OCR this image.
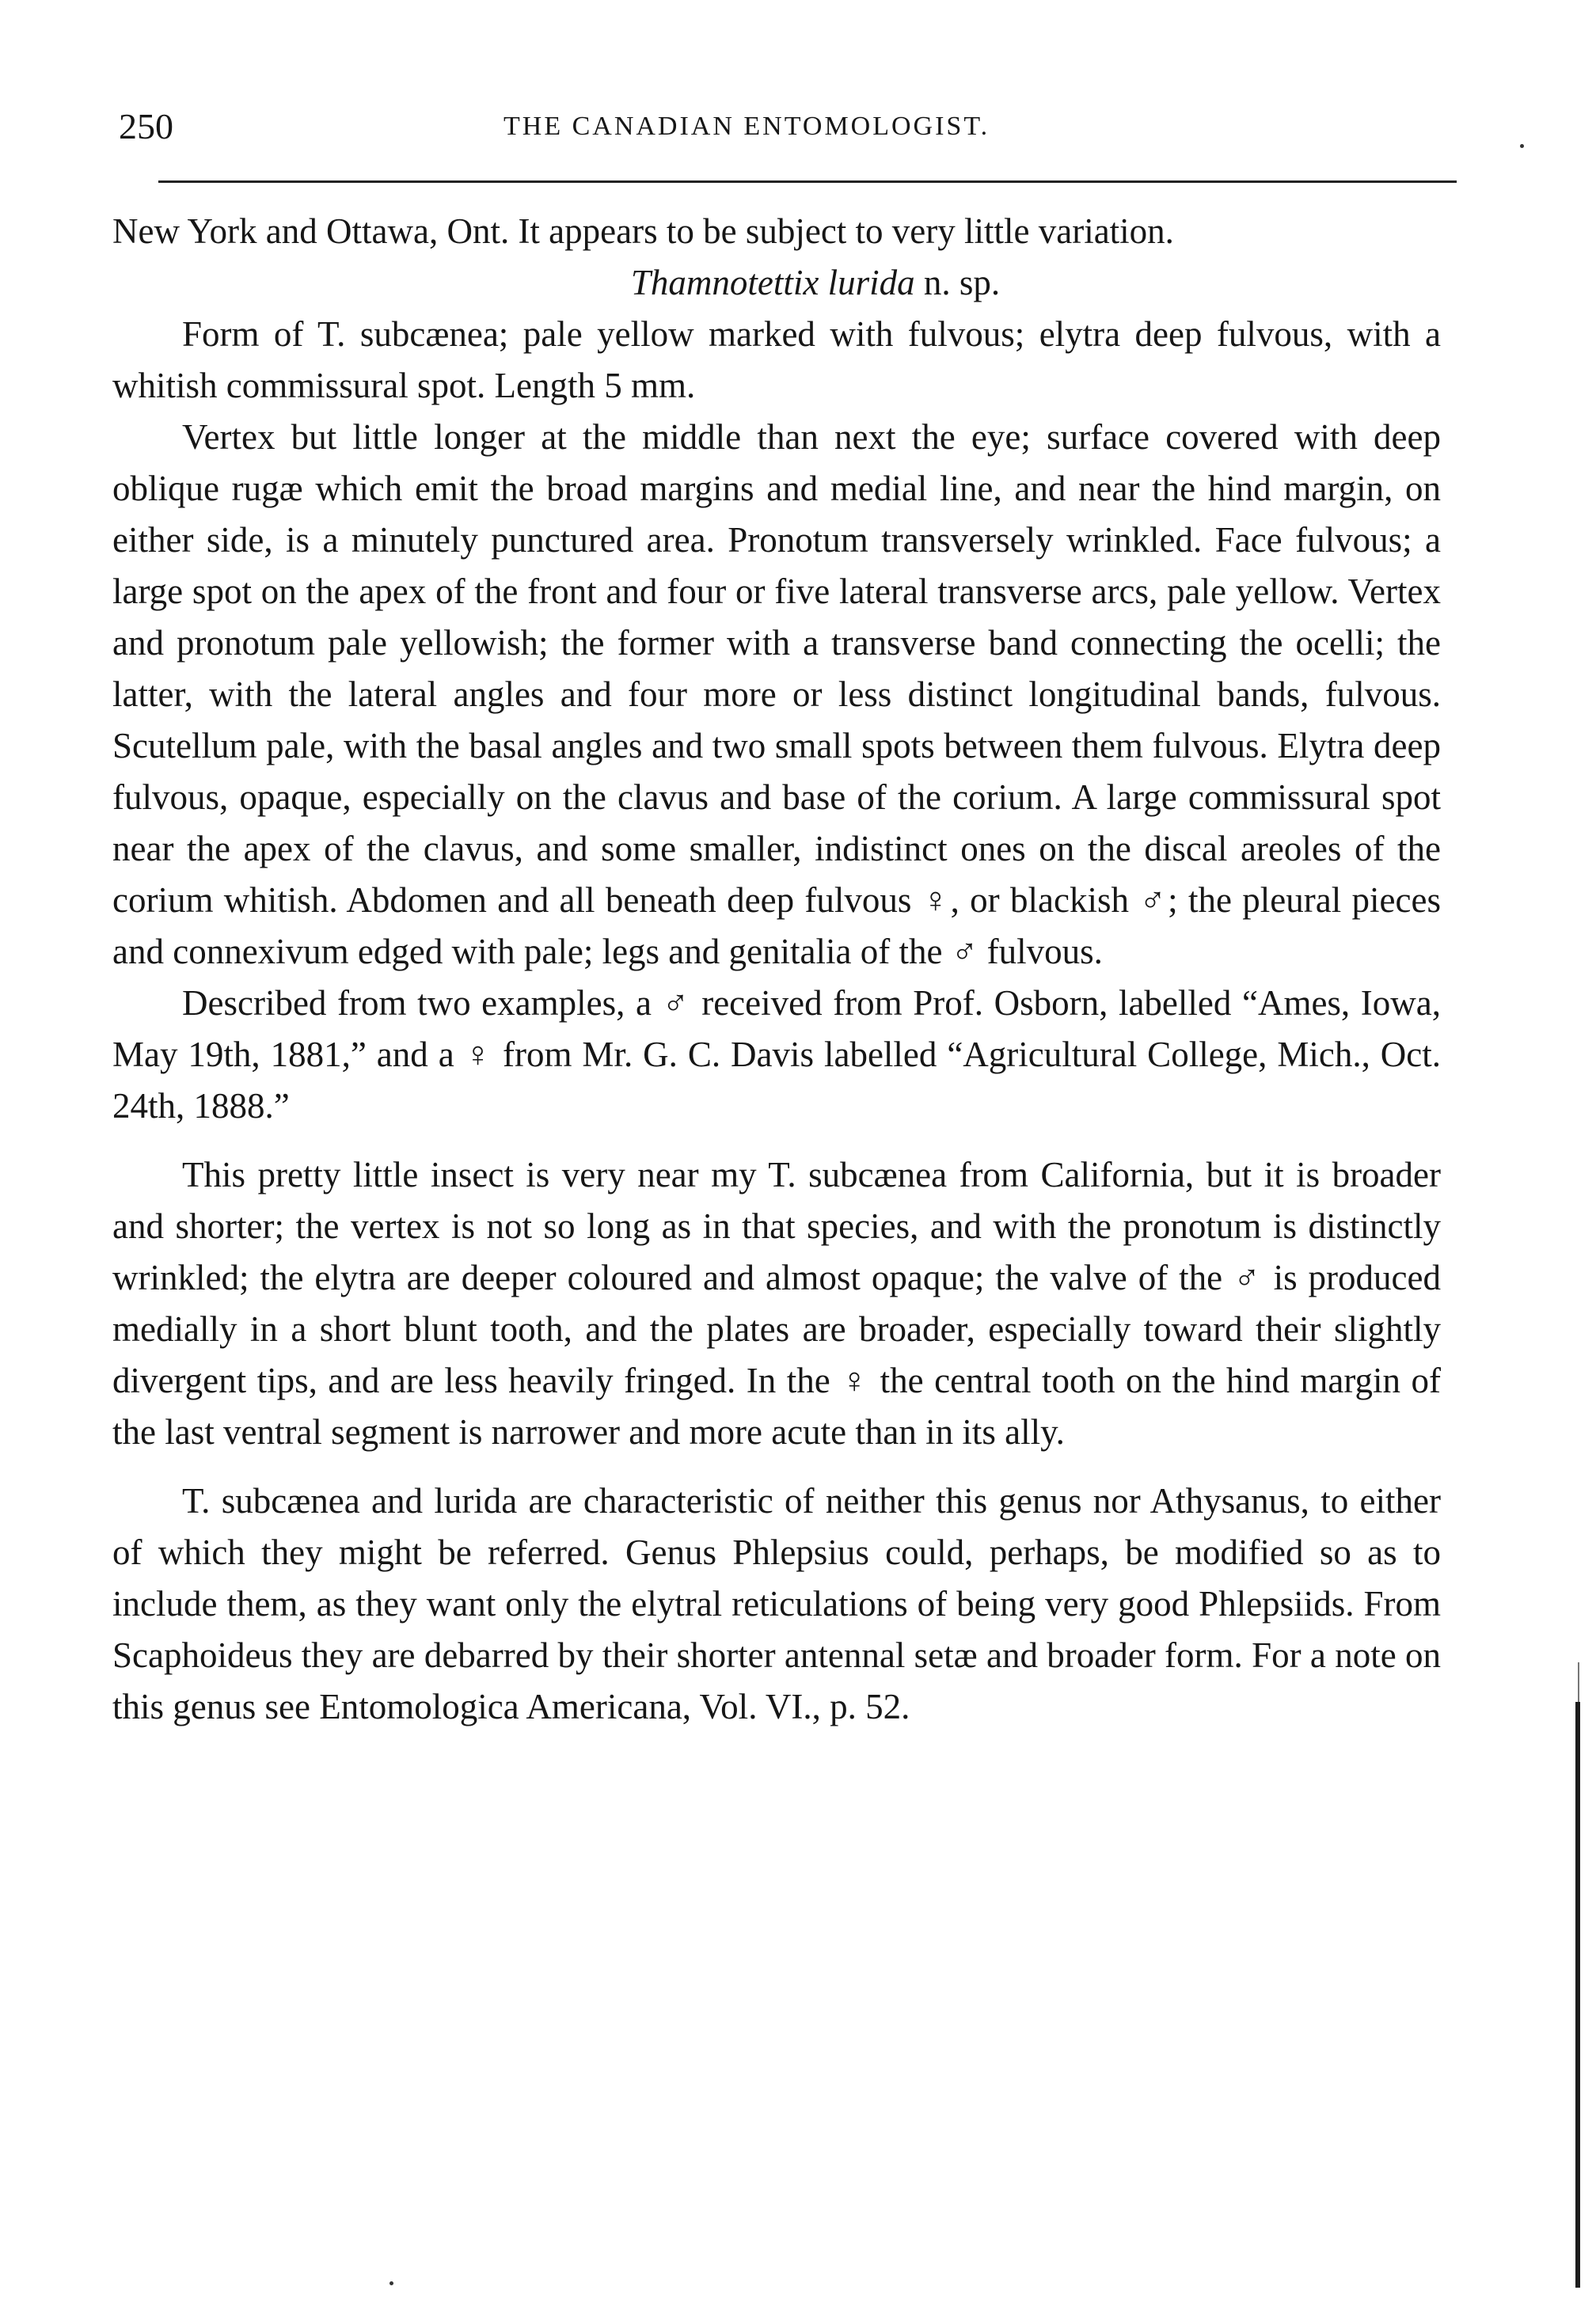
250	THE CANADIAN ENTOMOLOGIST.

New York and Ottawa, Ont. It appears to be subject to very little variation.

Thamnotettix lurida n. sp.

Form of T. subcænea; pale yellow marked with fulvous; elytra deep fulvous, with a whitish commissural spot. Length 5 mm.

Vertex but little longer at the middle than next the eye; surface covered with deep oblique rugæ which emit the broad margins and medial line, and near the hind margin, on either side, is a minutely punctured area. Pronotum transversely wrinkled. Face fulvous; a large spot on the apex of the front and four or five lateral transverse arcs, pale yellow. Vertex and pronotum pale yellowish; the former with a transverse band connecting the ocelli; the latter, with the lateral angles and four more or less distinct longitudinal bands, fulvous. Scutellum pale, with the basal angles and two small spots between them fulvous. Elytra deep fulvous, opaque, especially on the clavus and base of the corium. A large commissural spot near the apex of the clavus, and some smaller, indistinct ones on the discal areoles of the corium whitish. Abdomen and all beneath deep fulvous ♀, or blackish ♂; the pleural pieces and connexivum edged with pale; legs and genitalia of the ♂ fulvous.

Described from two examples, a ♂ received from Prof. Osborn, labelled “Ames, Iowa, May 19th, 1881,” and a ♀ from Mr. G. C. Davis labelled “Agricultural College, Mich., Oct. 24th, 1888.”

This pretty little insect is very near my T. subcænea from California, but it is broader and shorter; the vertex is not so long as in that species, and with the pronotum is distinctly wrinkled; the elytra are deeper coloured and almost opaque; the valve of the ♂ is produced medially in a short blunt tooth, and the plates are broader, especially toward their slightly divergent tips, and are less heavily fringed. In the ♀ the central tooth on the hind margin of the last ventral segment is narrower and more acute than in its ally.

T. subcænea and lurida are characteristic of neither this genus nor Athysanus, to either of which they might be referred. Genus Phlepsius could, perhaps, be modified so as to include them, as they want only the elytral reticulations of being very good Phlepsiids. From Scaphoideus they are debarred by their shorter antennal setæ and broader form. For a note on this genus see Entomologica Americana, Vol. VI., p. 52.
